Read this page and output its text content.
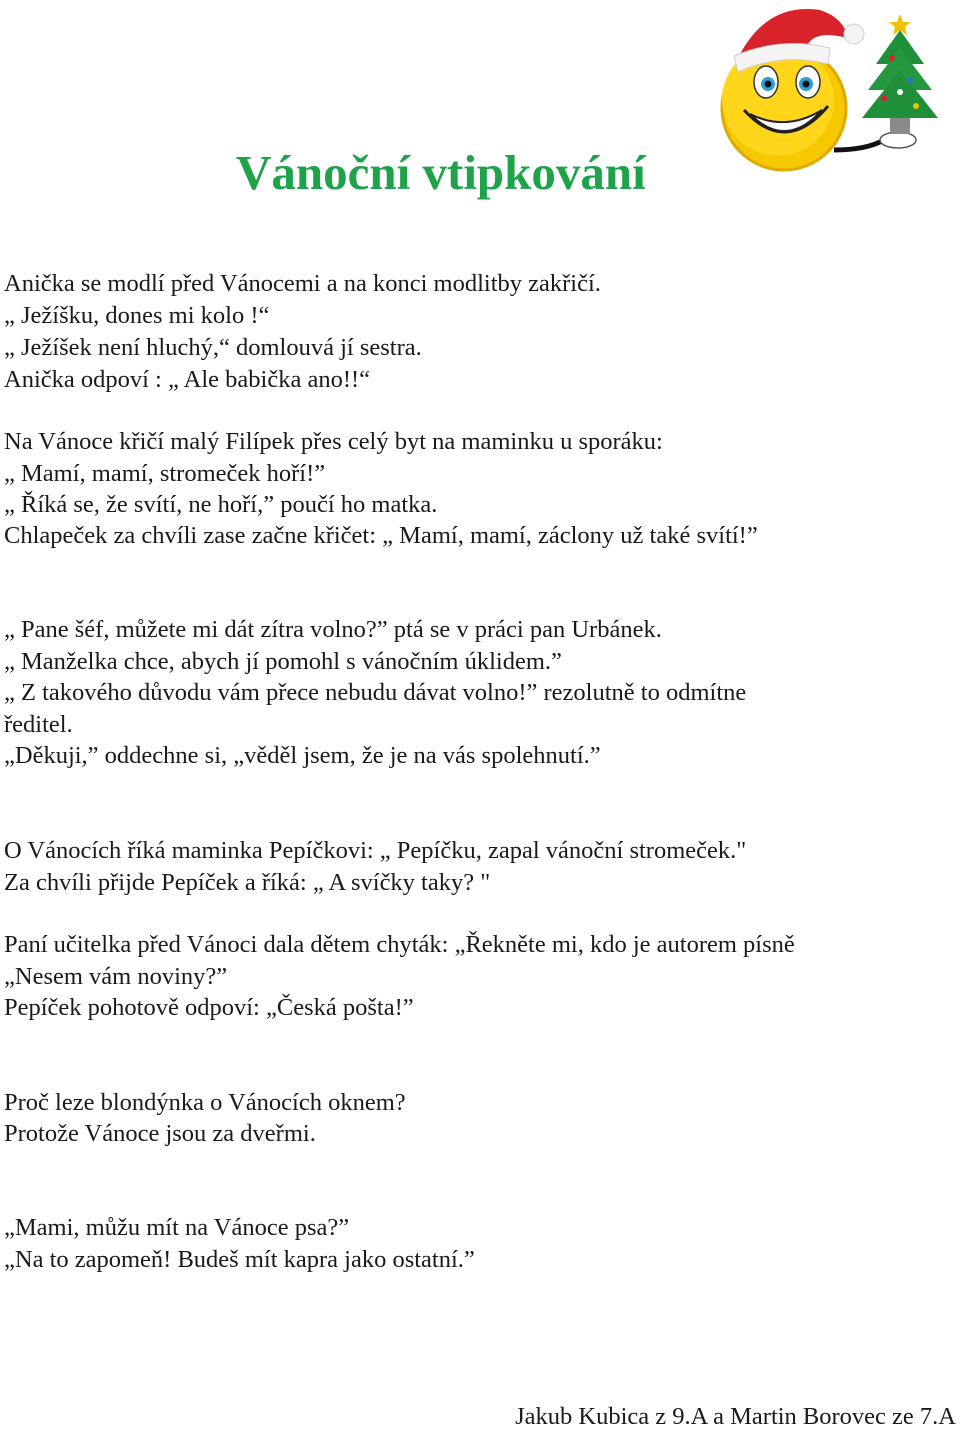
Vánoční vtipkování

Anička se modlí před Vánocemi a na konci modlitby zakřičí.

„ Ježíšku, dones mi kolo !“

„ Ježíšek není hluchý,“ domlouvá jí sestra.

Anička odpoví : „ Ale babička ano!!“

Na Vánoce křičí malý Filípek přes celý byt na maminku u sporáku:

„ Mamí, mamí, stromeček hoří!”

„ Říká se, že svítí, ne hoří,” poučí ho matka.

Chlapeček za chvíli zase začne křičet: „ Mamí, mamí, záclony už také svítí!”

„ Pane šéf, můžete mi dát zítra volno?” ptá se v práci pan Urbánek.

„ Manželka chce, abych jí pomohl s vánočním úklidem.”

„ Z takového důvodu vám přece nebudu dávat volno!” rezolutně to odmítne

ředitel.

„Děkuji,” oddechne si, „věděl jsem, že je na vás spolehnutí.”

O Vánocích říká maminka Pepíčkovi: „ Pepíčku, zapal vánoční stromeček."

Za chvíli přijde Pepíček a říká: „ A svíčky taky? "

Paní učitelka před Vánoci dala dětem chyták: „Řekněte mi, kdo je autorem písně

„Nesem vám noviny?”

Pepíček pohotově odpoví: „Česká pošta!”

Proč leze blondýnka o Vánocích oknem?

Protože Vánoce jsou za dveřmi.

„Mami, můžu mít na Vánoce psa?”

„Na to zapomeň! Budeš mít kapra jako ostatní.”

Jakub Kubica z 9.A a Martin Borovec ze 7.A
